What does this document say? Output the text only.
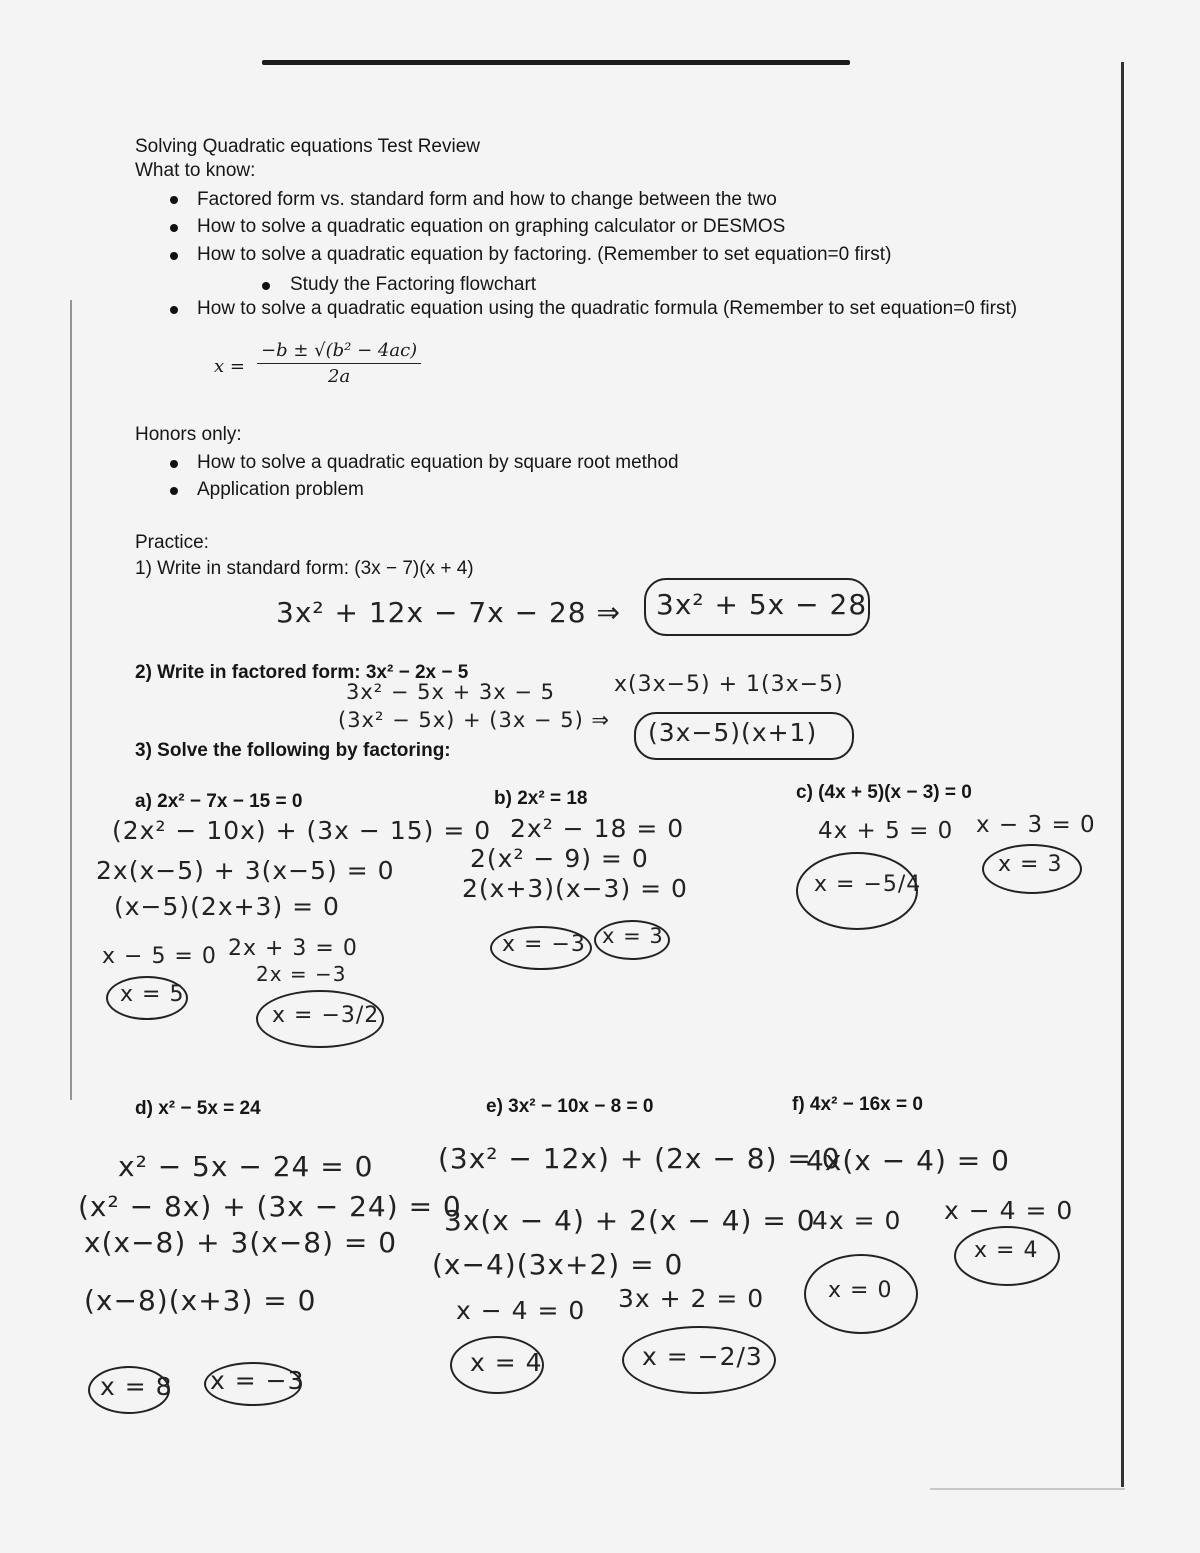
Solving Quadratic equations Test Review
What to know:
Factored form vs. standard form and how to change between the two
How to solve a quadratic equation on graphing calculator or DESMOS
How to solve a quadratic equation by factoring. (Remember to set equation=0 first)
Study the Factoring flowchart
How to solve a quadratic equation using the quadratic formula (Remember to set equation=0 first)
$x = \frac{\text{−b ± √(b² − 4ac)}}{2a}$
Honors only:
How to solve a quadratic equation by square root method
Application problem
Practice:
1) Write in standard form: (3x − 7)(x + 4)
3x² + 12x − 7x − 28 ⇒ 3x² + 5x − 28
2) Write in factored form: 3x² − 2x − 5
3x² − 5x + 3x − 5
(3x² − 5x) + (3x − 5) ⇒
x(3x−5) + 1(3x−5)
(3x−5)(x+1)
3) Solve the following by factoring:
a) 2x² − 7x − 15 = 0
(2x² − 10x) + (3x − 15) = 0
2x(x−5) + 3(x−5) = 0
(x−5)(2x+3) = 0
x − 5 = 0 2x + 3 = 0
2x = −3
x = 5
x = −3/2
b) 2x² = 18
2x² − 18 = 0
2(x² − 9) = 0
2(x+3)(x−3) = 0
x = −3 x = 3
c) (4x + 5)(x − 3) = 0
4x + 5 = 0 x − 3 = 0
x = −5/4
x = 3
d) x² − 5x = 24
x² − 5x − 24 = 0
(x² − 8x) + (3x − 24) = 0
x(x−8) + 3(x−8) = 0
(x−8)(x+3) = 0
x = 8 x = −3
e) 3x² − 10x − 8 = 0
(3x² − 12x) + (2x − 8) = 0
3x(x − 4) + 2(x − 4) = 0
(x−4)(3x+2) = 0
x − 4 = 0 3x + 2 = 0
x = 4	x = −2/3
f) 4x² − 16x = 0
4x(x − 4) = 0
4x = 0 x − 4 = 0
x = 0
x = 4
